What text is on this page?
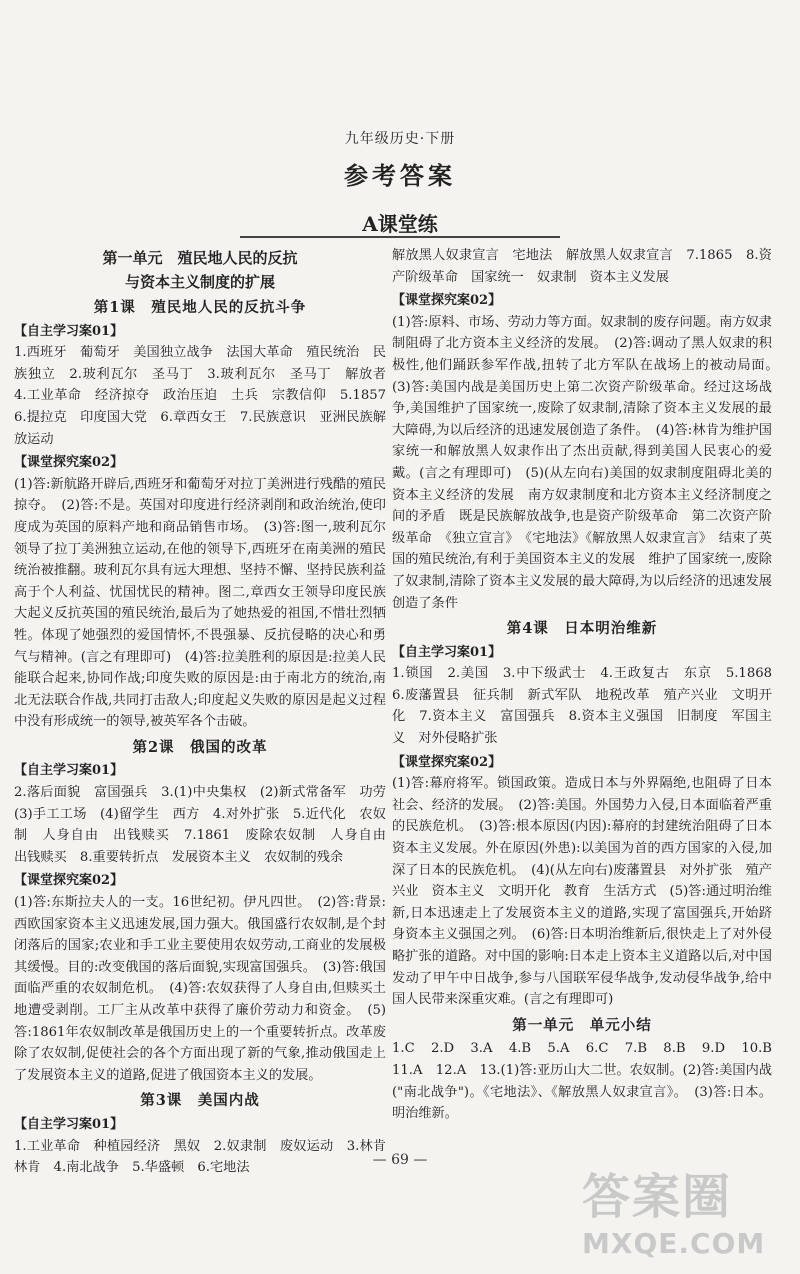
九年级历史·下册
参考答案
A课堂练
第一单元　殖民地人民的反抗
与资本主义制度的扩展
第1课　殖民地人民的反抗斗争

【自主学习案01】

1.西班牙　葡萄牙　美国独立战争　法国大革命　殖民统治　民族独立　2.玻利瓦尔　圣马丁　3.玻利瓦尔　圣马丁　解放者　4.工业革命　经济掠夺　政治压迫　土兵　宗教信仰　5.1857　6.提拉克　印度国大党　6.章西女王　7.民族意识　亚洲民族解放运动

【课堂探究案02】

(1)答:新航路开辟后,西班牙和葡萄牙对拉丁美洲进行残酷的殖民掠夺。　(2)答:不是。英国对印度进行经济剥削和政治统治,使印度成为英国的原料产地和商品销售市场。　(3)答:图一,玻利瓦尔领导了拉丁美洲独立运动,在他的领导下,西班牙在南美洲的殖民统治被推翻。玻利瓦尔具有远大理想、坚持不懈、坚持民族利益高于个人利益、忧国忧民的精神。图二,章西女王领导印度民族大起义反抗英国的殖民统治,最后为了她热爱的祖国,不惜壮烈牺牲。体现了她强烈的爱国情怀,不畏强暴、反抗侵略的决心和勇气与精神。(言之有理即可)　(4)答:拉美胜利的原因是:拉美人民能联合起来,协同作战;印度失败的原因是:由于南北方的统治,南北无法联合作战,共同打击敌人;印度起义失败的原因是起义过程中没有形成统一的领导,被英军各个击破。

第2课　俄国的改革

【自主学习案01】

2.落后面貌　富国强兵　3.(1)中央集权　(2)新式常备军　功劳　(3)手工工场　(4)留学生　西方　4.对外扩张　5.近代化　农奴制　人身自由　出钱赎买　7.1861　废除农奴制　人身自由　出钱赎买　8.重要转折点　发展资本主义　农奴制的残余

【课堂探究案02】

(1)答:东斯拉夫人的一支。16世纪初。伊凡四世。　(2)答:背景:西欧国家资本主义迅速发展,国力强大。俄国盛行农奴制,是个封闭落后的国家;农业和手工业主要使用农奴劳动,工商业的发展极其缓慢。目的:改变俄国的落后面貌,实现富国强兵。　(3)答:俄国面临严重的农奴制危机。　(4)答:农奴获得了人身自由,但赎买土地遭受剥削。工厂主从改革中获得了廉价劳动力和资金。　(5)答:1861年农奴制改革是俄国历史上的一个重要转折点。改革废除了农奴制,促使社会的各个方面出现了新的气象,推动俄国走上了发展资本主义的道路,促进了俄国资本主义的发展。

第3课　美国内战

【自主学习案01】

1.工业革命　种植园经济　黑奴　2.奴隶制　废奴运动　3.林肯　林肯　4.南北战争　5.华盛顿　6.宅地法

解放黑人奴隶宣言　宅地法　解放黑人奴隶宣言　7.1865　8.资产阶级革命　国家统一　奴隶制　资本主义发展

【课堂探究案02】

(1)答:原料、市场、劳动力等方面。奴隶制的废存问题。南方奴隶制阻碍了北方资本主义经济的发展。　(2)答:调动了黑人奴隶的积极性,他们踊跃参军作战,扭转了北方军队在战场上的被动局面。　(3)答:美国内战是美国历史上第二次资产阶级革命。经过这场战争,美国维护了国家统一,废除了奴隶制,清除了资本主义发展的最大障碍,为以后经济的迅速发展创造了条件。　(4)答:林肯为维护国家统一和解放黑人奴隶作出了杰出贡献,得到美国人民衷心的爱戴。(言之有理即可)　(5)(从左向右)美国的奴隶制度阻碍北美的资本主义经济的发展　南方奴隶制度和北方资本主义经济制度之间的矛盾　既是民族解放战争,也是资产阶级革命　第二次资产阶级革命　《独立宣言》　《宅地法》《解放黑人奴隶宣言》　结束了英国的殖民统治,有利于美国资本主义的发展　维护了国家统一,废除了奴隶制,清除了资本主义发展的最大障碍,为以后经济的迅速发展创造了条件

第4课　日本明治维新

【自主学习案01】

1.锁国　2.美国　3.中下级武士　4.王政复古　东京　5.1868　6.废藩置县　征兵制　新式军队　地税改革　殖产兴业　文明开化　7.资本主义　富国强兵　8.资本主义强国　旧制度　军国主义　对外侵略扩张

【课堂探究案02】

(1)答:幕府将军。锁国政策。造成日本与外界隔绝,也阻碍了日本社会、经济的发展。　(2)答:美国。外国势力入侵,日本面临着严重的民族危机。　(3)答:根本原因(内因):幕府的封建统治阻碍了日本资本主义发展。外在原因(外患):以美国为首的西方国家的入侵,加深了日本的民族危机。　(4)(从左向右)废藩置县　对外扩张　殖产兴业　资本主义　文明开化　教育　生活方式　(5)答:通过明治维新,日本迅速走上了发展资本主义的道路,实现了富国强兵,开始跻身资本主义强国之列。　(6)答:日本明治维新后,很快走上了对外侵略扩张的道路。对中国的影响:日本走上资本主义道路以后,对中国发动了甲午中日战争,参与八国联军侵华战争,发动侵华战争,给中国人民带来深重灾难。(言之有理即可)

第一单元　单元小结

1.C　2.D　3.A　4.B　5.A　6.C　7.B　8.B　9.D　10.B　11.A　12.A　13.(1)答:亚历山大二世。农奴制。(2)答:美国内战("南北战争")。《宅地法》、《解放黑人奴隶宣言》。　(3)答:日本。明治维新。

— 69 —
答案圈
MXQE.COM
